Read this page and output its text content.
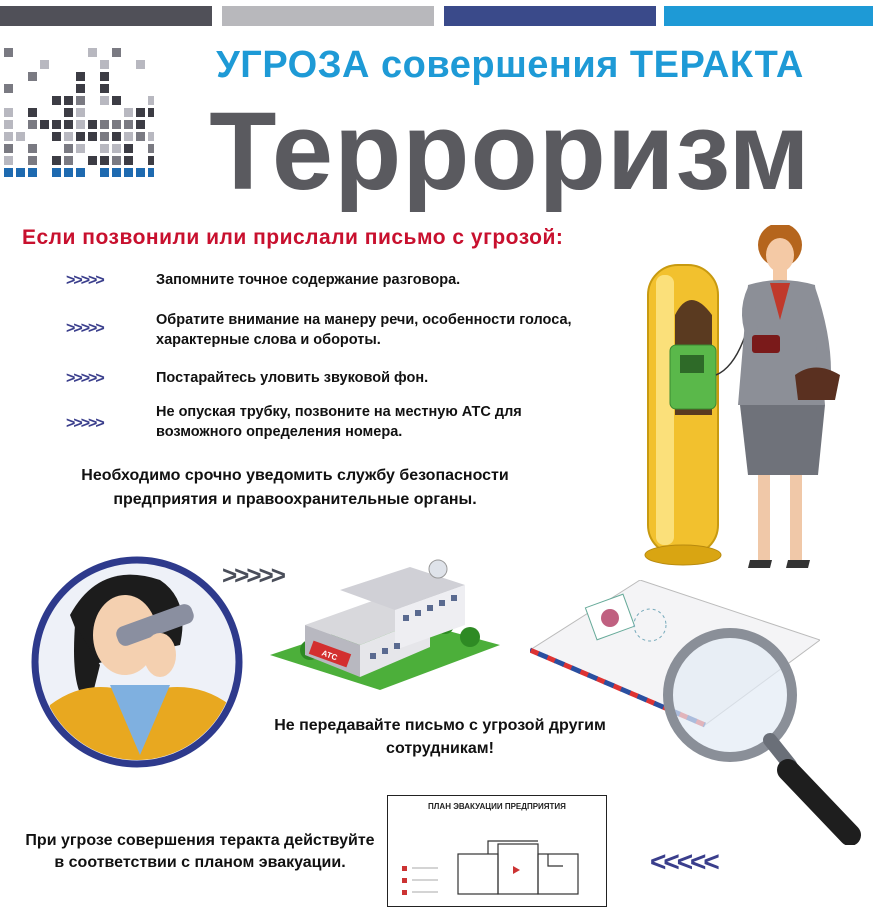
УГРОЗА совершения ТЕРАКТА
Терроризм
Если позвонили или прислали письмо с угрозой:
>>>>>	Запомните точное содержание разговора.
>>>>>	Обратите внимание на манеру речи, особенности голоса, характерные слова и обороты.
>>>>>	Постарайтесь уловить звуковой фон.
>>>>>
Не опуская трубку, позвоните на местную АТС для возможного определения номера.
Необходимо срочно уведомить службу безопасности предприятия и правоохранительные органы.
>>>>>
АТС
Не передавайте письмо с угрозой другим сотрудникам!
При угрозе совершения теракта действуйте в соответствии с планом эвакуации.
ПЛАН ЭВАКУАЦИИ ПРЕДПРИЯТИЯ
<<<<<
